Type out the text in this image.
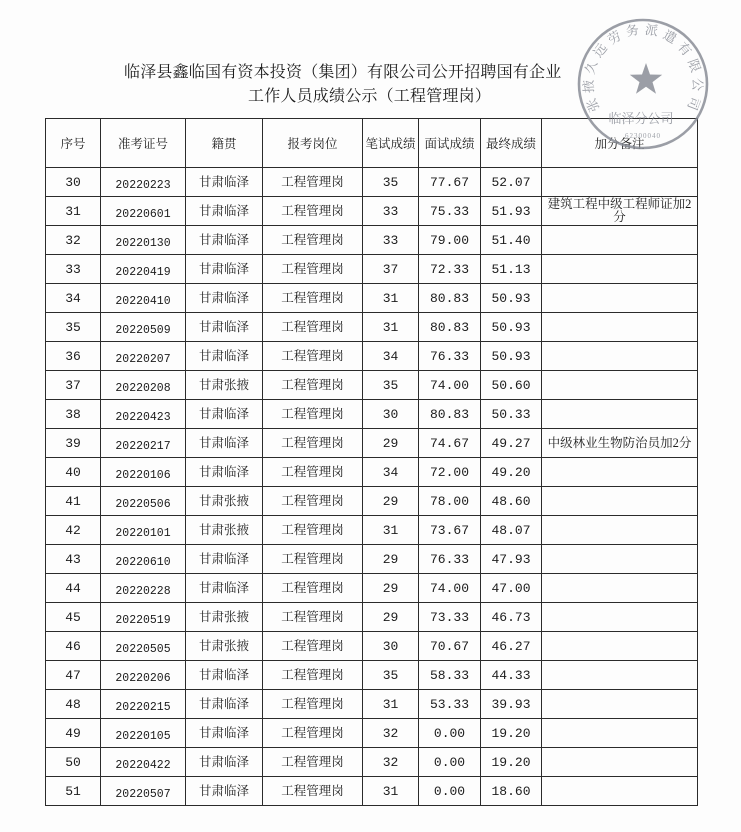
临泽县鑫临国有资本投资（集团）有限公司公开招聘国有企业
工作人员成绩公示（工程管理岗）
序号	准考证号	籍贯	报考岗位	笔试成绩	面试成绩	最终成绩	加分备注
30	20220223	甘肃临泽	工程管理岗	35	77.67	52.07	
31	20220601	甘肃临泽	工程管理岗	33	75.33	51.93	建筑工程中级工程师证加2分
32	20220130	甘肃临泽	工程管理岗	33	79.00	51.40	
33	20220419	甘肃临泽	工程管理岗	37	72.33	51.13	
34	20220410	甘肃临泽	工程管理岗	31	80.83	50.93	
35	20220509	甘肃临泽	工程管理岗	31	80.83	50.93	
36	20220207	甘肃临泽	工程管理岗	34	76.33	50.93	
37	20220208	甘肃张掖	工程管理岗	35	74.00	50.60	
38	20220423	甘肃临泽	工程管理岗	30	80.83	50.33	
39	20220217	甘肃临泽	工程管理岗	29	74.67	49.27	中级林业生物防治员加2分
40	20220106	甘肃临泽	工程管理岗	34	72.00	49.20	
41	20220506	甘肃张掖	工程管理岗	29	78.00	48.60	
42	20220101	甘肃张掖	工程管理岗	31	73.67	48.07	
43	20220610	甘肃临泽	工程管理岗	29	76.33	47.93	
44	20220228	甘肃临泽	工程管理岗	29	74.00	47.00	
45	20220519	甘肃张掖	工程管理岗	29	73.33	46.73	
46	20220505	甘肃张掖	工程管理岗	30	70.67	46.27	
47	20220206	甘肃临泽	工程管理岗	35	58.33	44.33	
48	20220215	甘肃临泽	工程管理岗	31	53.33	39.93	
49	20220105	甘肃临泽	工程管理岗	32	0.00	19.20	
50	20220422	甘肃临泽	工程管理岗	32	0.00	19.20	
51	20220507	甘肃临泽	工程管理岗	31	0.00	18.60	
张掖久远劳务派遣有限公司
临泽分公司
62300040
